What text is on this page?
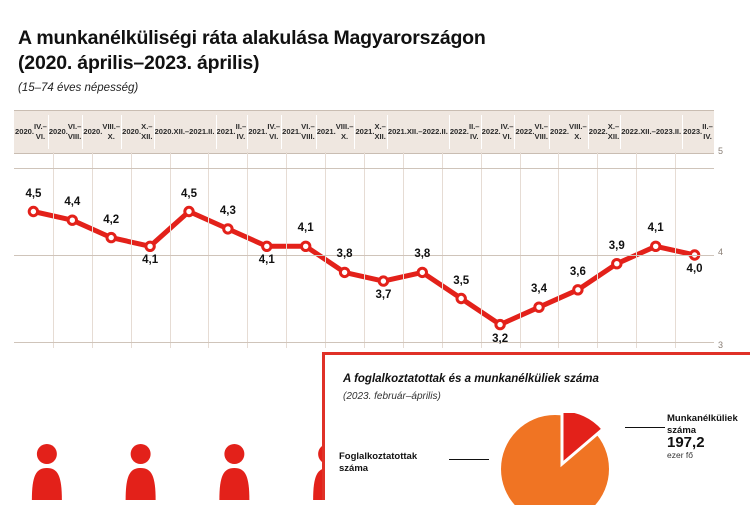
A munkanélküliségi ráta alakulása Magyarországon
(2020. április–2023. április)
(15–74 éves népesség)
2020.
IV.–VI.
2020.
VI.–VIII.
2020.
VIII.–X.
2020.
X.–XII.
2020.XII.– 2021.II. 2021.
II.–IV.
2021.
IV.–VI.
2021.
VI.–VIII.
2021.
VIII.–X.
2021.
X.–XII.
2021.XII.– 2022.II. 2022.
II.–IV.
2022.
IV.–VI.
2022.
VI.–VIII.
2022.
VIII.–X.
2022.
X.–XII.
2022.XII.– 2023.II. 2023.
II.–IV.
4,5
4,4
4,2
4,1
4,5
4,3
4,1
4,1
3,8
3,7
3,8
3,5
3,2
3,4
3,6
3,9
4,1
4,0
5
4
3
A foglalkoztatottak és a munkanélküliek száma
(2023. február–április)
Munkanélküliek
száma
197,2
ezer fő
Foglalkoztatottak
száma
